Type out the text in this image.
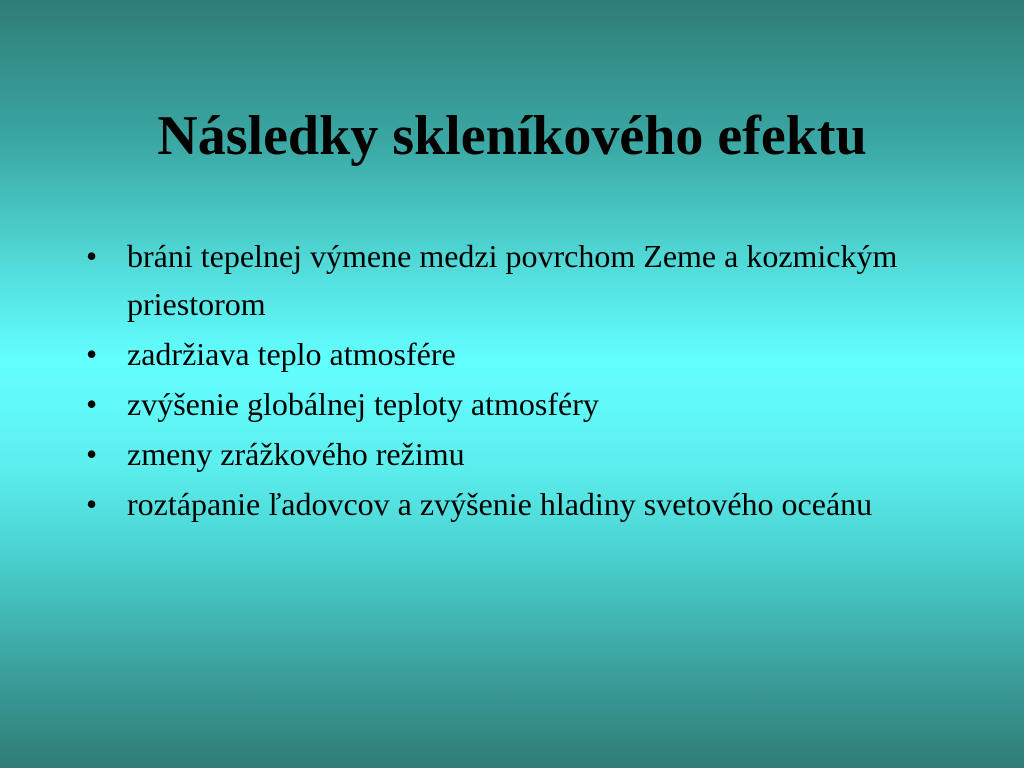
Následky skleníkového efektu
• bráni tepelnej výmene medzi povrchom Zeme a kozmickým priestorom
• zadržiava teplo atmosfére
• zvýšenie globálnej teploty atmosféry
• zmeny zrážkového režimu
• roztápanie ľadovcov a zvýšenie hladiny svetového oceánu
